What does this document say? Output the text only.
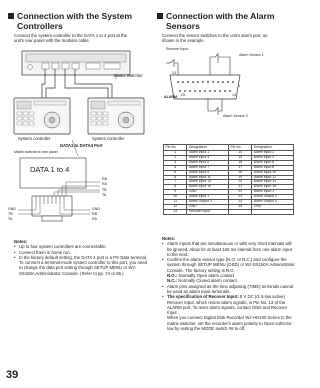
39
Connection with the System
Controllers
Connect the system controller to the DATA 1 to 4 port at the
unit's rear panel with the modular cable.
Matrix Switcher
System controller	System controller
DATA1 to DATA4 Port
Matrix switcher's rear panel
DATA 1 to 4
RB
RA
TB
TA
GND
TB
TA
GND
RB
RA
Notes:
• Up to four system controllers are connectable.
• Connect them in home run.
• In the factory default setting, the DATA 4 port is a PS·Data terminal. To connect a terminal-mode system controller to this port, you need to change the data port setting through SETUP MENU or WJ-SX150A Administrator Console. (Refer to pp. 74 or 86.)
Connection with the Alarm
Sensors
Connect the sensor switches to the unit's alarm port, as
shown in the example.
Recover Input
Alarm Sensor 1
ALARM
13
25	14
1
Alarm Sensor 2
Pin No.	Designation	Pin No.	Designation
1	Alarm Input 1	14	Alarm Input 2
2	Alarm Input 3	15	Alarm Input 4
3	Alarm Input 5	16	Alarm Input 6
4	Alarm Input 7	17	Alarm Input 8
5	Alarm Input 9	18	Alarm Input 10
6	Alarm Input 11	19	Alarm Input 12
7	Alarm Input 13	20	Alarm Input 14
8	Alarm Input 15	21	Alarm Input 16
9	GND	22	Alarm Input 1
10	Alarm Input 1	23	Alarm Output 2
11	Alarm Output 3	24	Alarm Output 4
12	GND	25	GND
13	Recover input		
Notes:
• Alarm inputs that are simultaneous or with very short intervals will be ignored. Allow for at least 160 ms interval from one alarm input to the next.
• Confirm the alarm sensor type (N.O. or N.C.) and configure the system through SETUP MENU (OSD) or WJ-SX150A Administrator Console. The factory setting is N.O.
N.O.: Normally Open alarm contact
N.C.: Normally Closed alarm contact.
• Alarm pins assigned as the time adjusting (TIME) terminals cannot be used as alarm input terminals.
• The specification of Recover Input: 5 V DC (/1 5 low active)
Recover Input, which resets alarm signals, is Pin No. 13 of the ALARM port. To reset alarm signals, contact GND and Recover Input.
When you connect Digital Disk Recorder WJ-HD100 Series to the matrix switcher, set the recorder's alarm polarity to Open-collector low by setting the MODE switch #6 to off.
